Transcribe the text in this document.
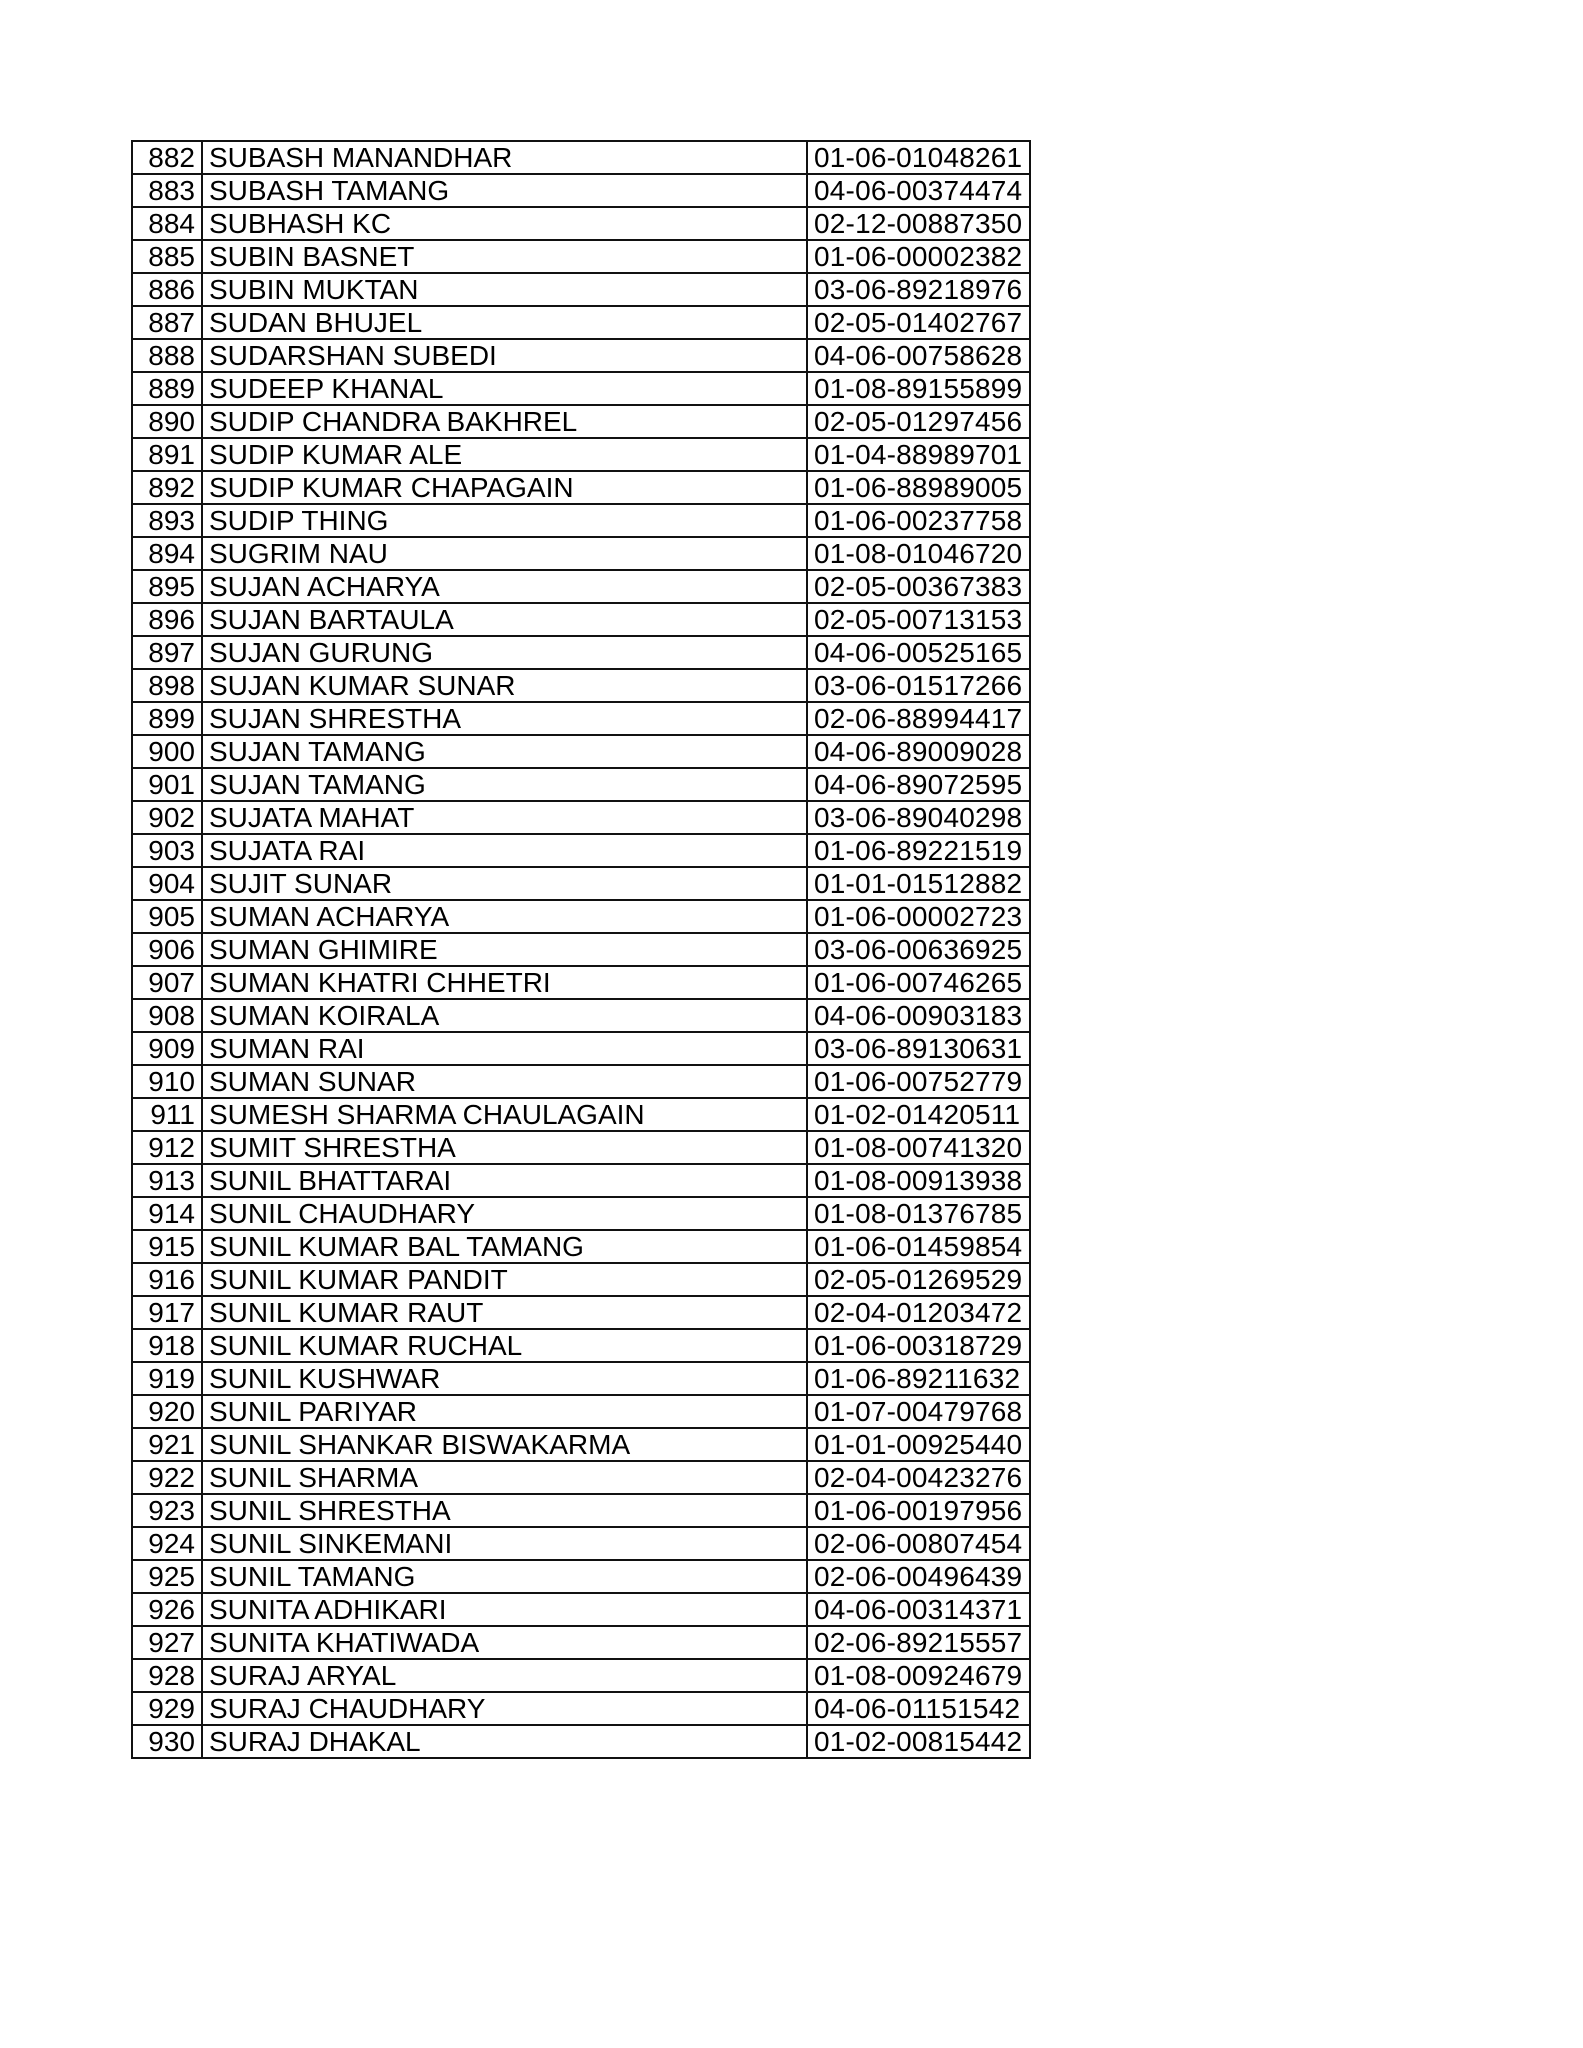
882	SUBASH MANANDHAR	01-06-01048261
883	SUBASH TAMANG	04-06-00374474
884	SUBHASH KC	02-12-00887350
885	SUBIN BASNET	01-06-00002382
886	SUBIN MUKTAN	03-06-89218976
887	SUDAN BHUJEL	02-05-01402767
888	SUDARSHAN SUBEDI	04-06-00758628
889	SUDEEP KHANAL	01-08-89155899
890	SUDIP CHANDRA BAKHREL	02-05-01297456
891	SUDIP KUMAR ALE	01-04-88989701
892	SUDIP KUMAR CHAPAGAIN	01-06-88989005
893	SUDIP THING	01-06-00237758
894	SUGRIM NAU	01-08-01046720
895	SUJAN ACHARYA	02-05-00367383
896	SUJAN BARTAULA	02-05-00713153
897	SUJAN GURUNG	04-06-00525165
898	SUJAN KUMAR SUNAR	03-06-01517266
899	SUJAN SHRESTHA	02-06-88994417
900	SUJAN TAMANG	04-06-89009028
901	SUJAN TAMANG	04-06-89072595
902	SUJATA MAHAT	03-06-89040298
903	SUJATA RAI	01-06-89221519
904	SUJIT SUNAR	01-01-01512882
905	SUMAN ACHARYA	01-06-00002723
906	SUMAN GHIMIRE	03-06-00636925
907	SUMAN KHATRI CHHETRI	01-06-00746265
908	SUMAN KOIRALA	04-06-00903183
909	SUMAN RAI	03-06-89130631
910	SUMAN SUNAR	01-06-00752779
911	SUMESH SHARMA CHAULAGAIN	01-02-01420511
912	SUMIT SHRESTHA	01-08-00741320
913	SUNIL BHATTARAI	01-08-00913938
914	SUNIL CHAUDHARY	01-08-01376785
915	SUNIL KUMAR BAL TAMANG	01-06-01459854
916	SUNIL KUMAR PANDIT	02-05-01269529
917	SUNIL KUMAR RAUT	02-04-01203472
918	SUNIL KUMAR RUCHAL	01-06-00318729
919	SUNIL KUSHWAR	01-06-89211632
920	SUNIL PARIYAR	01-07-00479768
921	SUNIL SHANKAR BISWAKARMA	01-01-00925440
922	SUNIL SHARMA	02-04-00423276
923	SUNIL SHRESTHA	01-06-00197956
924	SUNIL SINKEMANI	02-06-00807454
925	SUNIL TAMANG	02-06-00496439
926	SUNITA ADHIKARI	04-06-00314371
927	SUNITA KHATIWADA	02-06-89215557
928	SURAJ ARYAL	01-08-00924679
929	SURAJ CHAUDHARY	04-06-01151542
930	SURAJ DHAKAL	01-02-00815442
